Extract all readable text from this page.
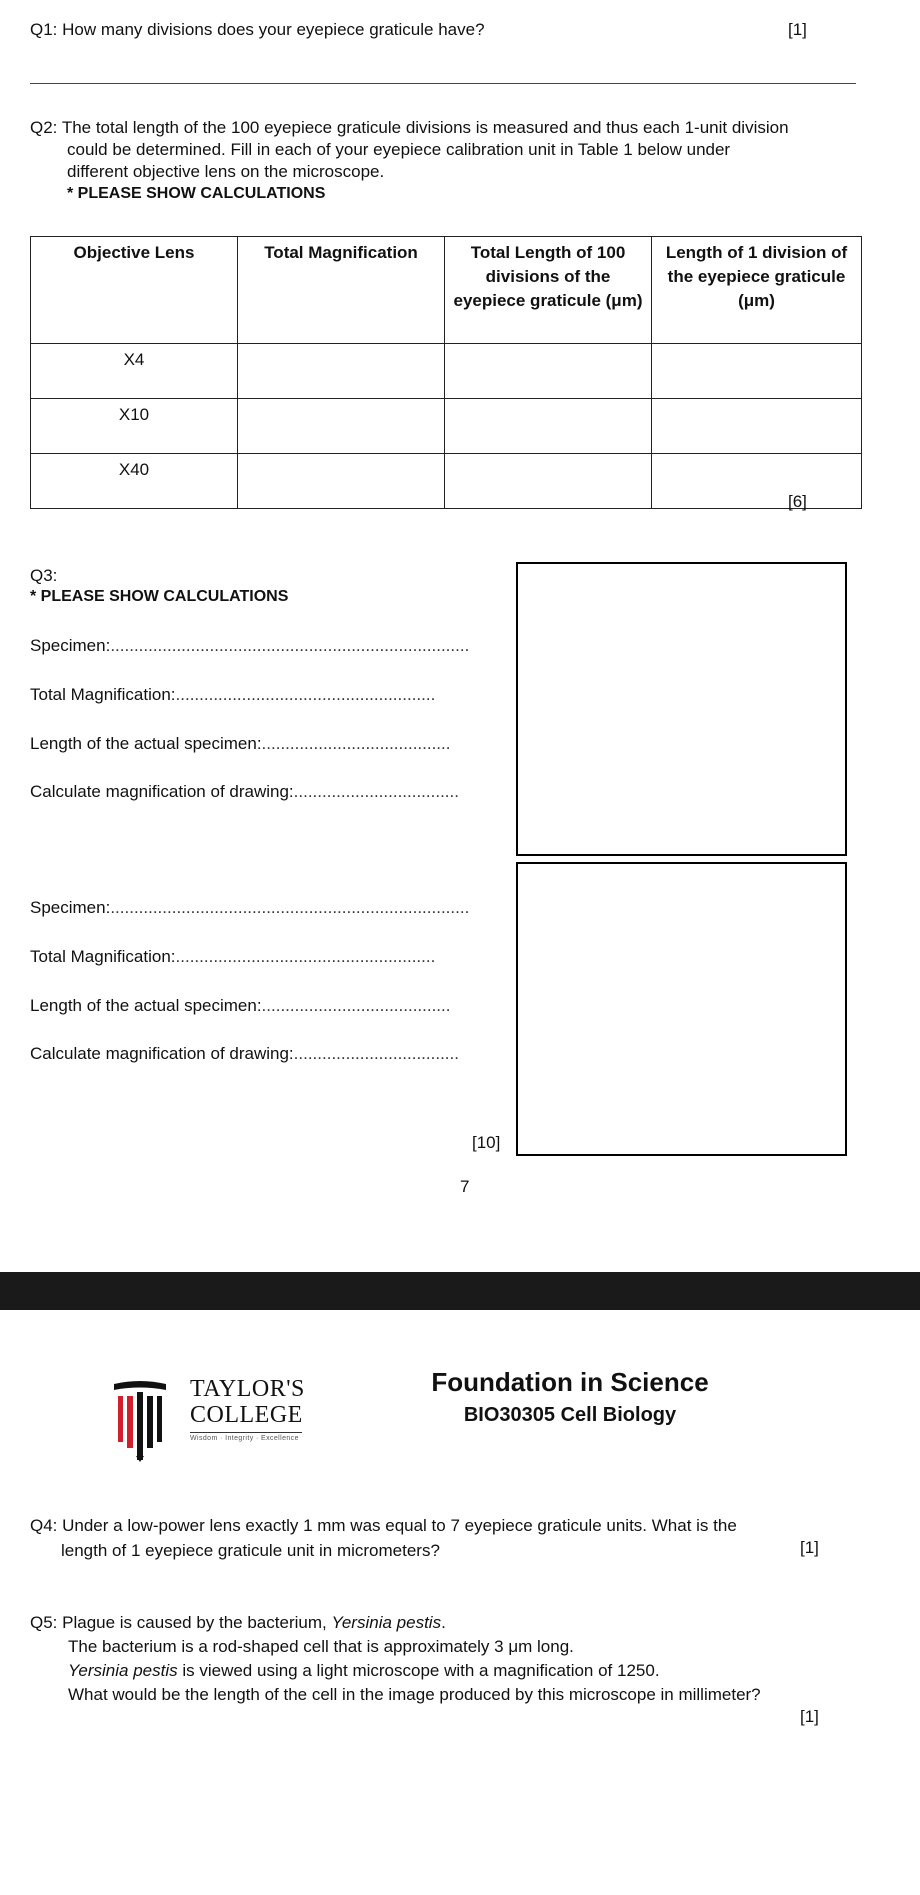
Q1: How many divisions does your eyepiece graticule have?	[1]
Q2: The total length of the 100 eyepiece graticule divisions is measured and thus each 1-unit division
could be determined. Fill in each of your eyepiece calibration unit in Table 1 below under
different objective lens on the microscope.
* PLEASE SHOW CALCULATIONS
Objective Lens	Total Magnification	Total Length of 100 divisions of the eyepiece graticule (μm)	Length of 1 division of the eyepiece graticule (μm)
X4			
X10			
X40			
[6]
Q3:
* PLEASE SHOW CALCULATIONS
Specimen:............................................................................
Total Magnification:.......................................................
Length of the actual specimen:........................................
Calculate magnification of drawing:...................................
Specimen:............................................................................
Total Magnification:.......................................................
Length of the actual specimen:........................................
Calculate magnification of drawing:...................................
[10]
7
TAYLOR'S
COLLEGE
Wisdom · Integrity · Excellence
Foundation in Science
BIO30305 Cell Biology
Q4: Under a low-power lens exactly 1 mm was equal to 7 eyepiece graticule units. What is the
length of 1 eyepiece graticule unit in micrometers?	[1]
Q5: Plague is caused by the bacterium, Yersinia pestis.
The bacterium is a rod-shaped cell that is approximately 3 μm long.
Yersinia pestis is viewed using a light microscope with a magnification of 1250.
What would be the length of the cell in the image produced by this microscope in millimeter?
[1]
